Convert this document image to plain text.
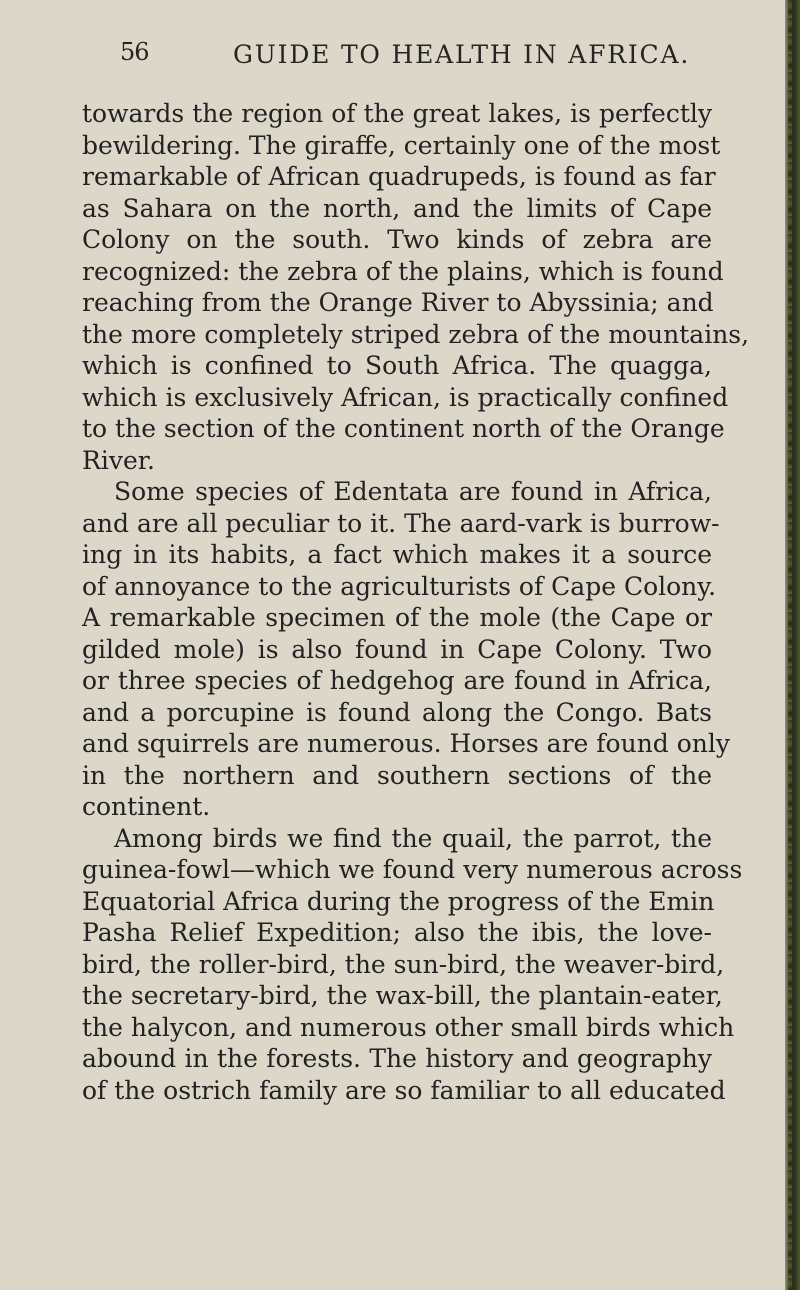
56	GUIDE TO HEALTH IN AFRICA.
towards the region of the great lakes, is perfectly
bewildering. The giraffe, certainly one of the most
remarkable of African quadrupeds, is found as far
as Sahara on the north, and the limits of Cape
Colony on the south. Two kinds of zebra are
recognized: the zebra of the plains, which is found
reaching from the Orange River to Abyssinia; and
the more completely striped zebra of the mountains,
which is confined to South Africa. The quagga,
which is exclusively African, is practically confined
to the section of the continent north of the Orange
River.
Some species of Edentata are found in Africa,
and are all peculiar to it. The aard-vark is burrow-
ing in its habits, a fact which makes it a source
of annoyance to the agriculturists of Cape Colony.
A remarkable specimen of the mole (the Cape or
gilded mole) is also found in Cape Colony. Two
or three species of hedgehog are found in Africa,
and a porcupine is found along the Congo. Bats
and squirrels are numerous. Horses are found only
in the northern and southern sections of the
continent.
Among birds we find the quail, the parrot, the
guinea-fowl—which we found very numerous across
Equatorial Africa during the progress of the Emin
Pasha Relief Expedition; also the ibis, the love-
bird, the roller-bird, the sun-bird, the weaver-bird,
the secretary-bird, the wax-bill, the plantain-eater,
the halycon, and numerous other small birds which
abound in the forests. The history and geography
of the ostrich family are so familiar to all educated
